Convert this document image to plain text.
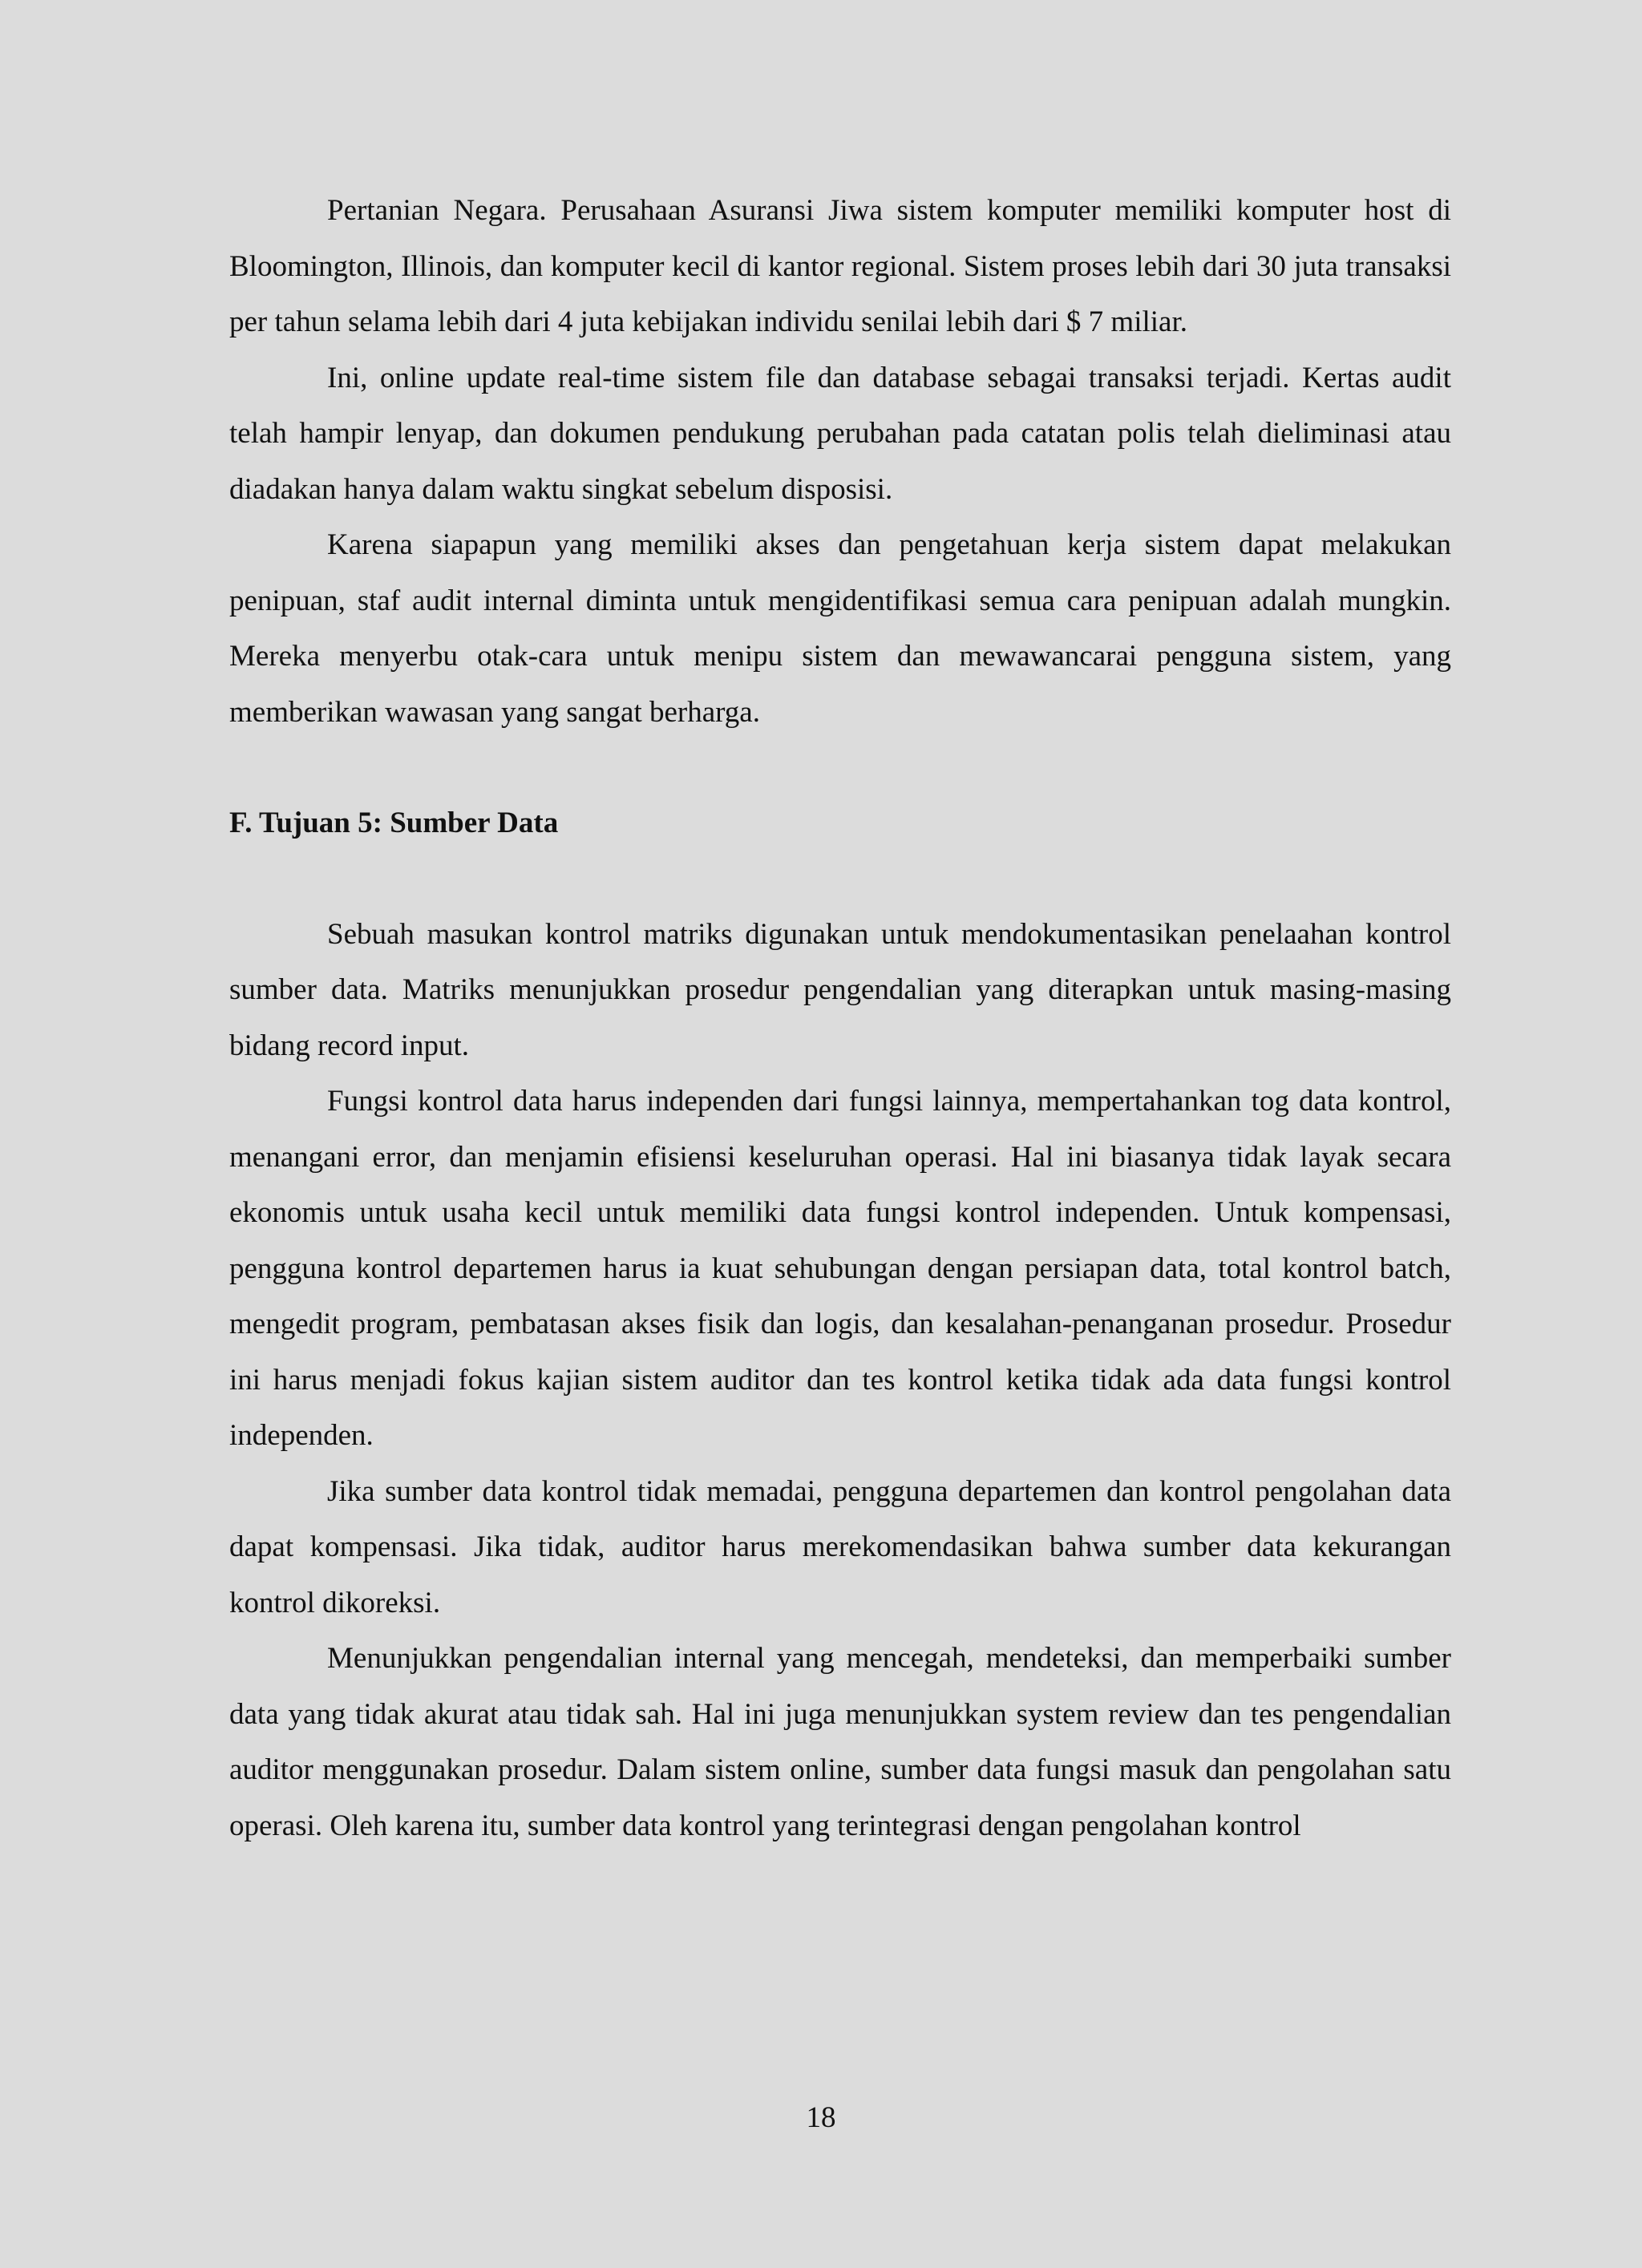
Pertanian Negara. Perusahaan Asuransi Jiwa sistem komputer memiliki komputer host di Bloomington, Illinois, dan komputer kecil di kantor regional. Sistem proses lebih dari 30 juta transaksi per tahun selama lebih dari 4 juta kebijakan individu senilai lebih dari $ 7 miliar.

Ini, online update real-time sistem file dan database sebagai transaksi terjadi. Kertas audit telah hampir lenyap, dan dokumen pendukung perubahan pada catatan polis telah dieliminasi atau diadakan hanya dalam waktu singkat sebelum disposisi.

Karena siapapun yang memiliki akses dan pengetahuan kerja sistem dapat melakukan penipuan, staf audit internal diminta untuk mengidentifikasi semua cara penipuan adalah mungkin. Mereka menyerbu otak-cara untuk menipu sistem dan mewawancarai pengguna sistem, yang memberikan wawasan yang sangat berharga.

F. Tujuan 5: Sumber Data

Sebuah masukan kontrol matriks digunakan untuk mendokumentasikan penelaahan kontrol sumber data. Matriks menunjukkan prosedur pengendalian yang diterapkan untuk masing-masing bidang record input.

Fungsi kontrol data harus independen dari fungsi lainnya, mempertahankan tog data kontrol, menangani error, dan menjamin efisiensi keseluruhan operasi. Hal ini biasanya tidak layak secara ekonomis untuk usaha kecil untuk memiliki data fungsi kontrol independen. Untuk kompensasi, pengguna kontrol departemen harus ia kuat sehubungan dengan persiapan data, total kontrol batch, mengedit program, pembatasan akses fisik dan logis, dan kesalahan-penanganan prosedur. Prosedur ini harus menjadi fokus kajian sistem auditor dan tes kontrol ketika tidak ada data fungsi kontrol independen.

Jika sumber data kontrol tidak memadai, pengguna departemen dan kontrol pengolahan data dapat kompensasi. Jika tidak, auditor harus merekomendasikan bahwa sumber data kekurangan kontrol dikoreksi.

Menunjukkan pengendalian internal yang mencegah, mendeteksi, dan memperbaiki sumber data yang tidak akurat atau tidak sah. Hal ini juga menunjukkan system review dan tes pengendalian auditor menggunakan prosedur. Dalam sistem online, sumber data fungsi masuk dan pengolahan satu operasi. Oleh karena itu, sumber data kontrol yang terintegrasi dengan pengolahan kontrol

18
